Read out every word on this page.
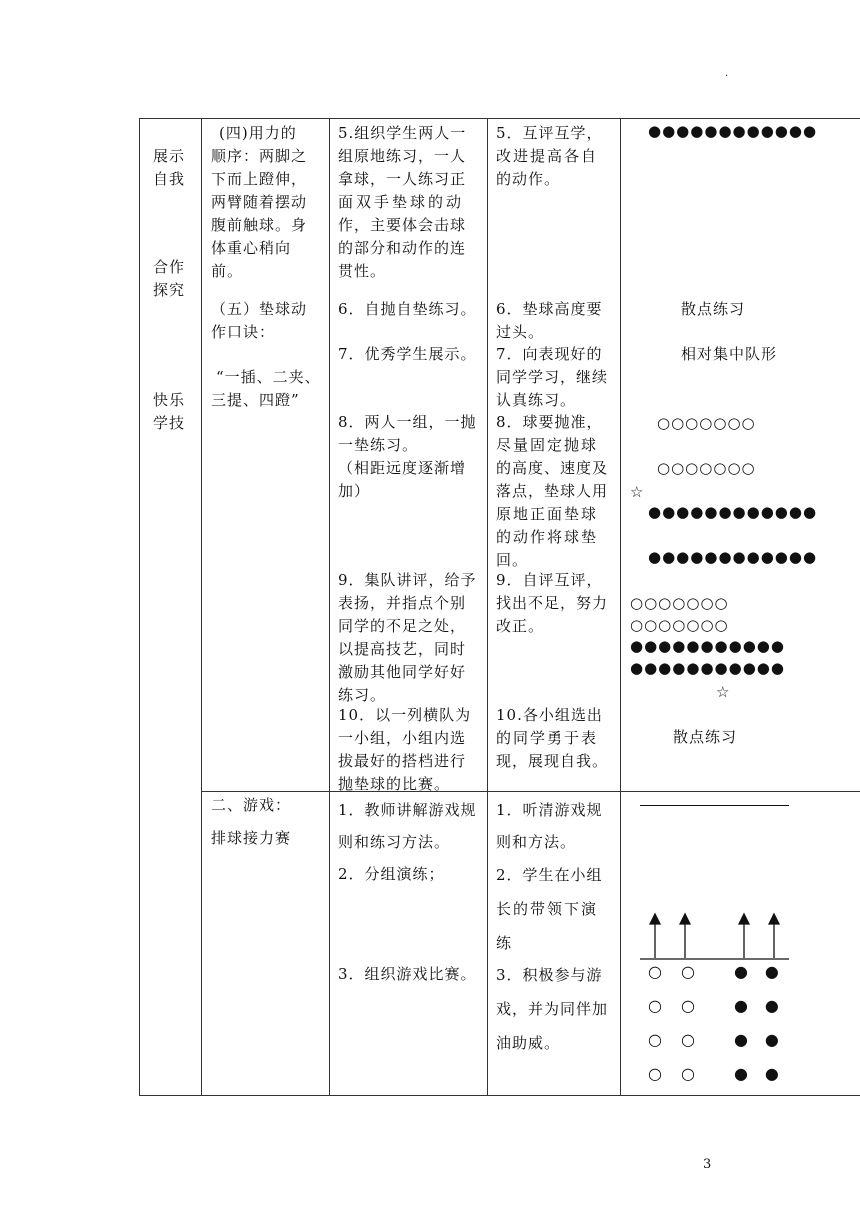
.
3
展示
自我
合作
探究
快乐
学技
(四)用力的
顺序：两脚之
下而上蹬伸，
两臂随着摆动
腹前触球。身
体重心稍向
前。
（五）垫球动
作口诀：
“一插、二夹、
三提、四蹬”
二、游戏：
排球接力赛
5.组织学生两人一
组原地练习，一人
拿球，一人练习正
面双手垫球的动
作，主要体会击球
的部分和动作的连
贯性。
6．自抛自垫练习。
7．优秀学生展示。
8．两人一组，一抛
一垫练习。
（相距远度逐渐增
加）
9．集队讲评，给予
表扬，并指点个别
同学的不足之处，
以提高技艺，同时
激励其他同学好好
练习。
10．以一列横队为
一小组，小组内选
拔最好的搭档进行
抛垫球的比赛。
1．教师讲解游戏规
则和练习方法。
2．分组演练；
3．组织游戏比赛。
5．互评互学，
改进提高各自
的动作。
6．垫球高度要
过头。
7．向表现好的
同学学习，继续
认真练习。
8．球要抛准，
尽量固定抛球
的高度、速度及
落点，垫球人用
原地正面垫球
的动作将球垫
回。
9．自评互评，
找出不足，努力
改正。
10.各小组选出
的同学勇于表
现，展现自我。
1．听清游戏规
则和方法。
2．学生在小组
长的带领下演
练
3．积极参与游
戏，并为同伴加
油助威。
●●●●●●●●●●●●
散点练习
相对集中队形
○○○○○○○
○○○○○○○
☆
●●●●●●●●●●●●
●●●●●●●●●●●●
○○○○○○○
○○○○○○○
●●●●●●●●●●●
●●●●●●●●●●●
☆
散点练习
○ ○ ● ●
○ ○ ● ●
○ ○ ● ●
○ ○ ● ●
